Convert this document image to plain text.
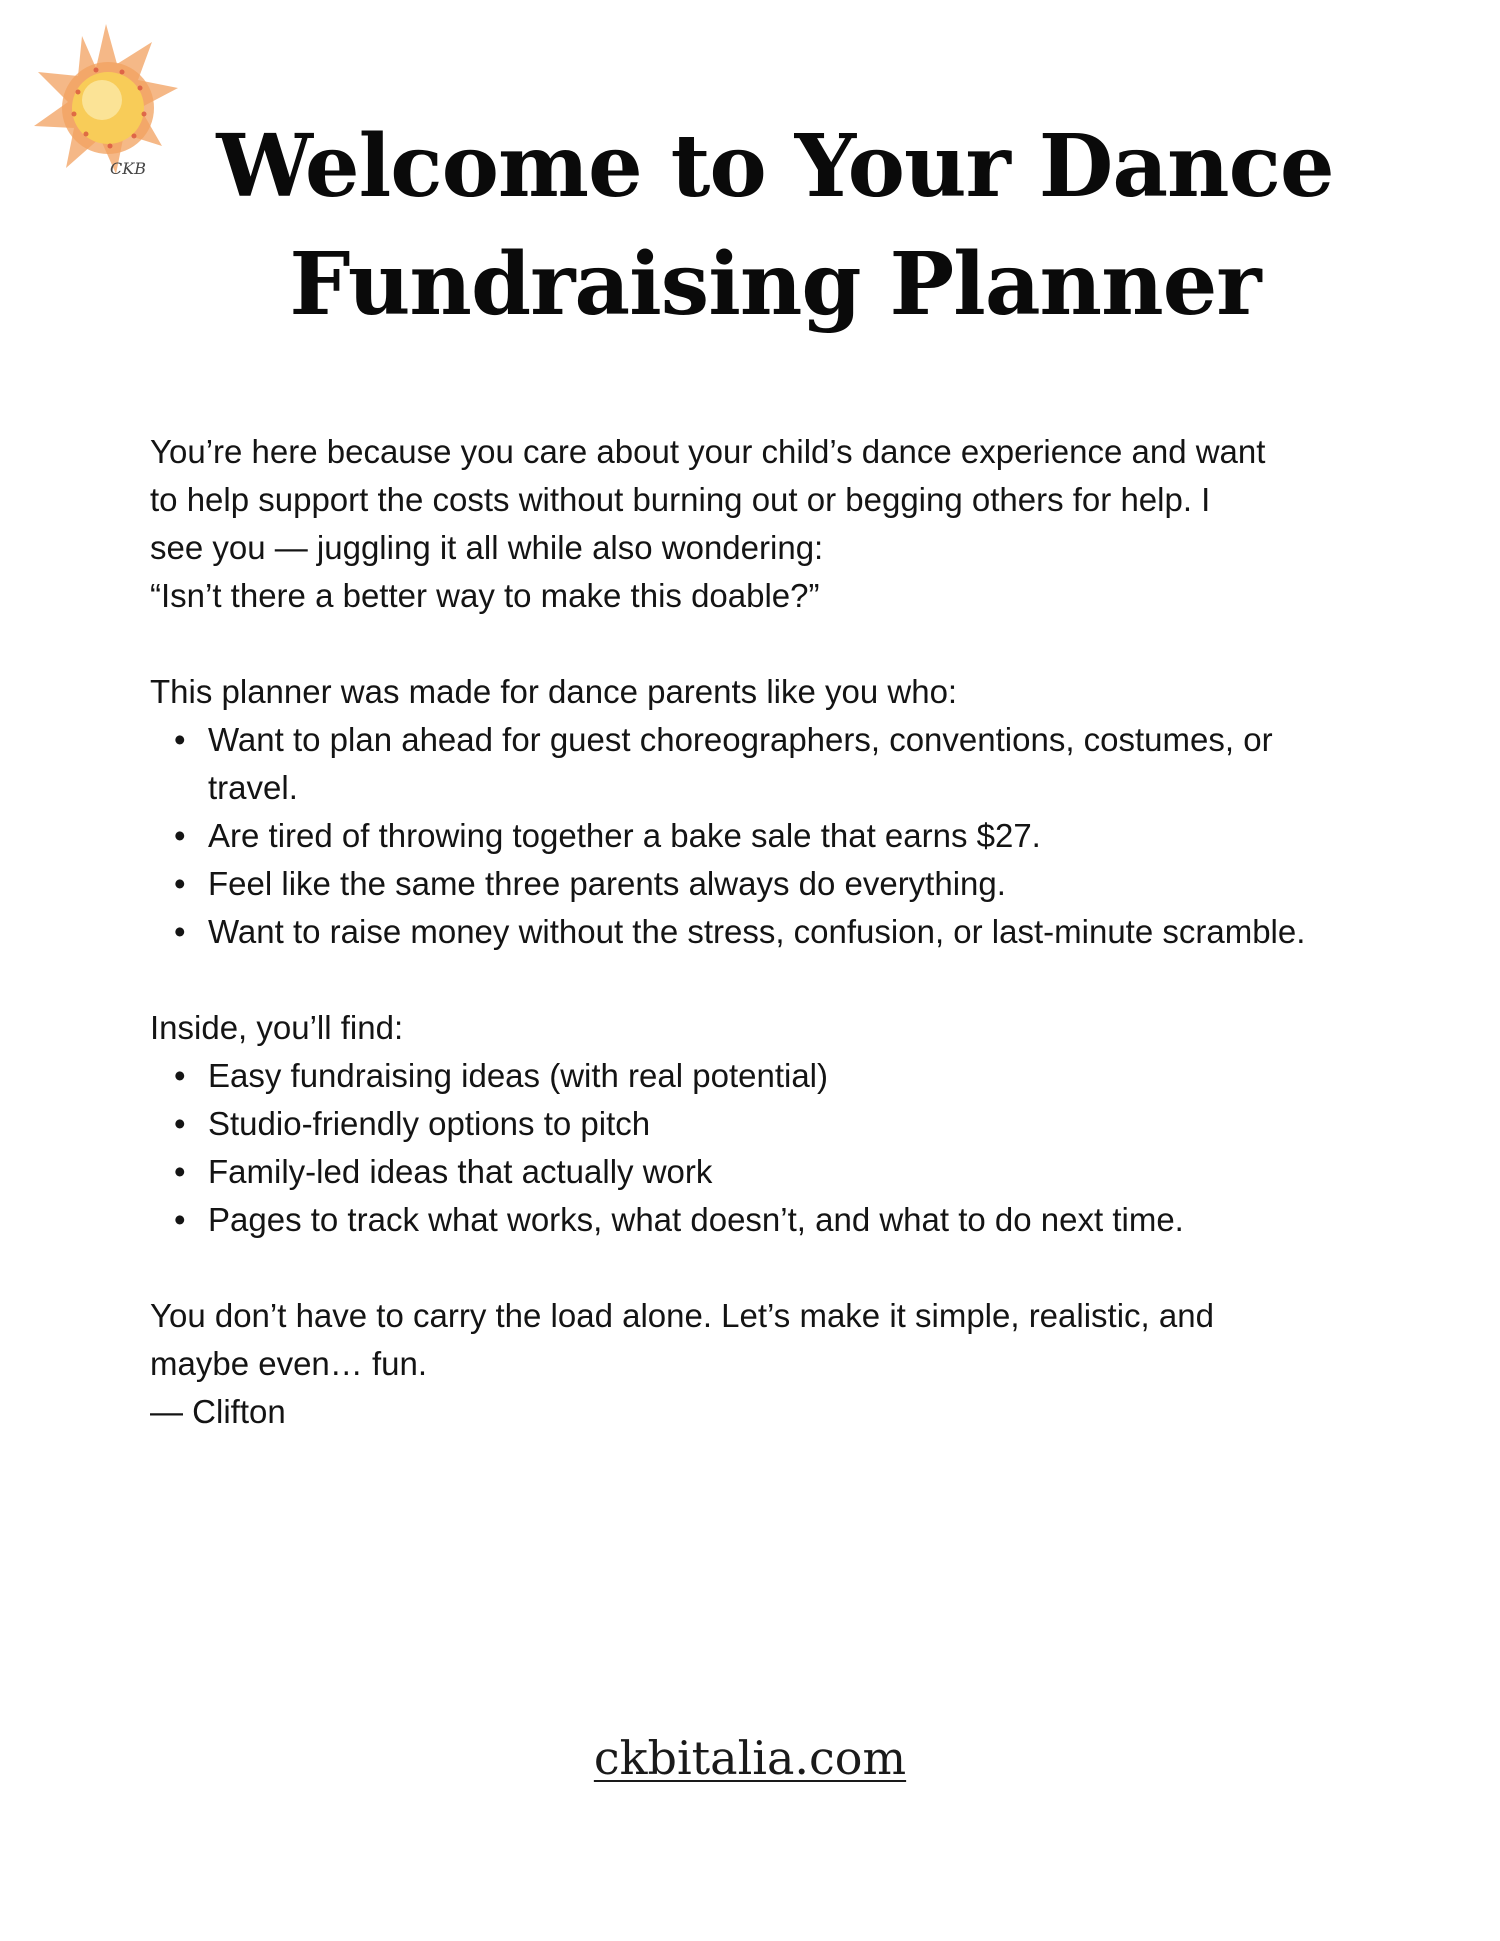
CKB Welcome to Your Dance
Fundraising Planner

You’re here because you care about your child’s dance experience and want
to help support the costs without burning out or begging others for help. I
see you — juggling it all while also wondering:
“Isn’t there a better way to make this doable?”

This planner was made for dance parents like you who:

• Want to plan ahead for guest choreographers, conventions, costumes, or travel.
• Are tired of throwing together a bake sale that earns $27.
• Feel like the same three parents always do everything.
• Want to raise money without the stress, confusion, or last-minute scramble.

Inside, you’ll find:

• Easy fundraising ideas (with real potential)
• Studio-friendly options to pitch
• Family-led ideas that actually work
• Pages to track what works, what doesn’t, and what to do next time.

You don’t have to carry the load alone. Let’s make it simple, realistic, and
maybe even… fun.
— Clifton

ckbitalia.com
